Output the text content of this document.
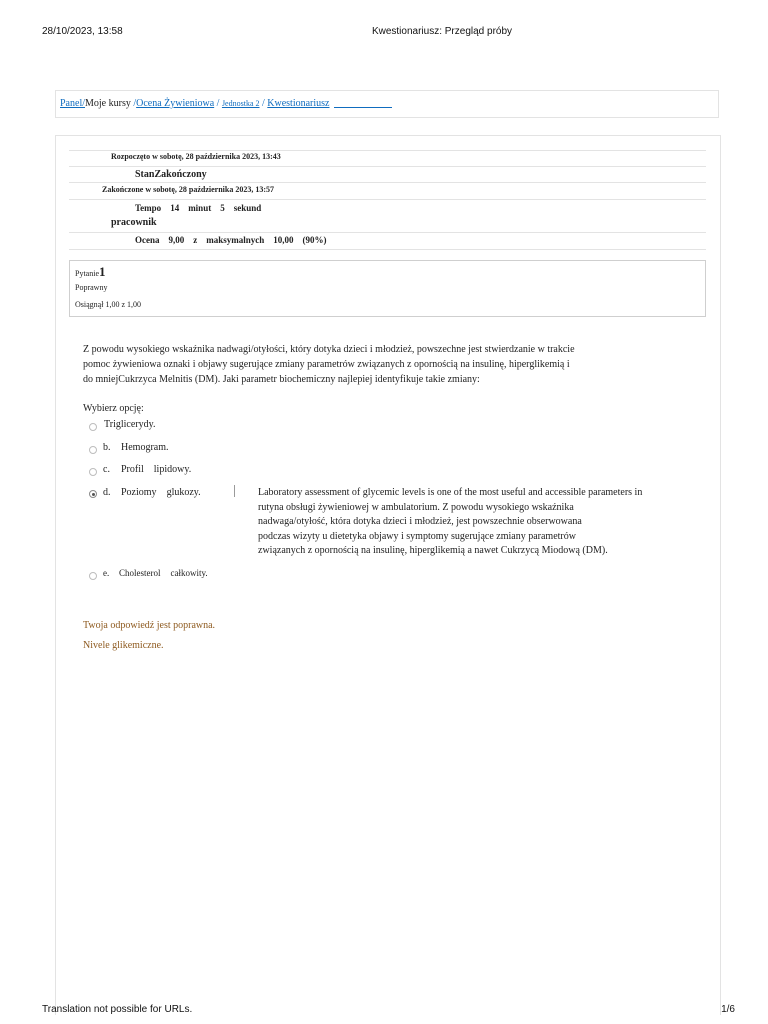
28/10/2023, 13:58	Kwestionariusz: Przegląd próby
Panel/Moje kursy /Ocena Żywieniowa / Jednostka 2 / Kwestionariusz
Rozpoczęto w sobotę, 28 października 2023, 13:43
StanZakończony
Zakończone w sobotę, 28 października 2023, 13:57
Tempo 14 minut 5 sekund
pracownik
Ocena 9,00 z maksymalnych 10,00 (90%)
Pytanie1
Poprawny
Osiągnął 1,00 z 1,00
Z powodu wysokiego wskaźnika nadwagi/otyłości, który dotyka dzieci i młodzież, powszechne jest stwierdzanie w trakcie
pomoc żywieniowa oznaki i objawy sugerujące zmiany parametrów związanych z opornością na insulinę, hiperglikemią i
do mniejCukrzyca Melnitis (DM). Jaki parametr biochemiczny najlepiej identyfikuje takie zmiany:
Wybierz opcję:
Triglicerydy.
b. Hemogram.
c. Profil lipidowy.
d. Poziomy glukozy.	Laboratory assessment of glycemic levels is one of the most useful and accessible parameters in
rutyna obsługi żywieniowej w ambulatorium. Z powodu wysokiego wskaźnika
nadwaga/otyłość, która dotyka dzieci i młodzież, jest powszechnie obserwowana
podczas wizyty u dietetyka objawy i symptomy sugerujące zmiany parametrów
związanych z opornością na insulinę, hiperglikemią a nawet Cukrzycą Miodową (DM).
e. Cholesterol całkowity.
Twoja odpowiedź jest poprawna.
Nivele glikemiczne.
Translation not possible for URLs.	1/6
